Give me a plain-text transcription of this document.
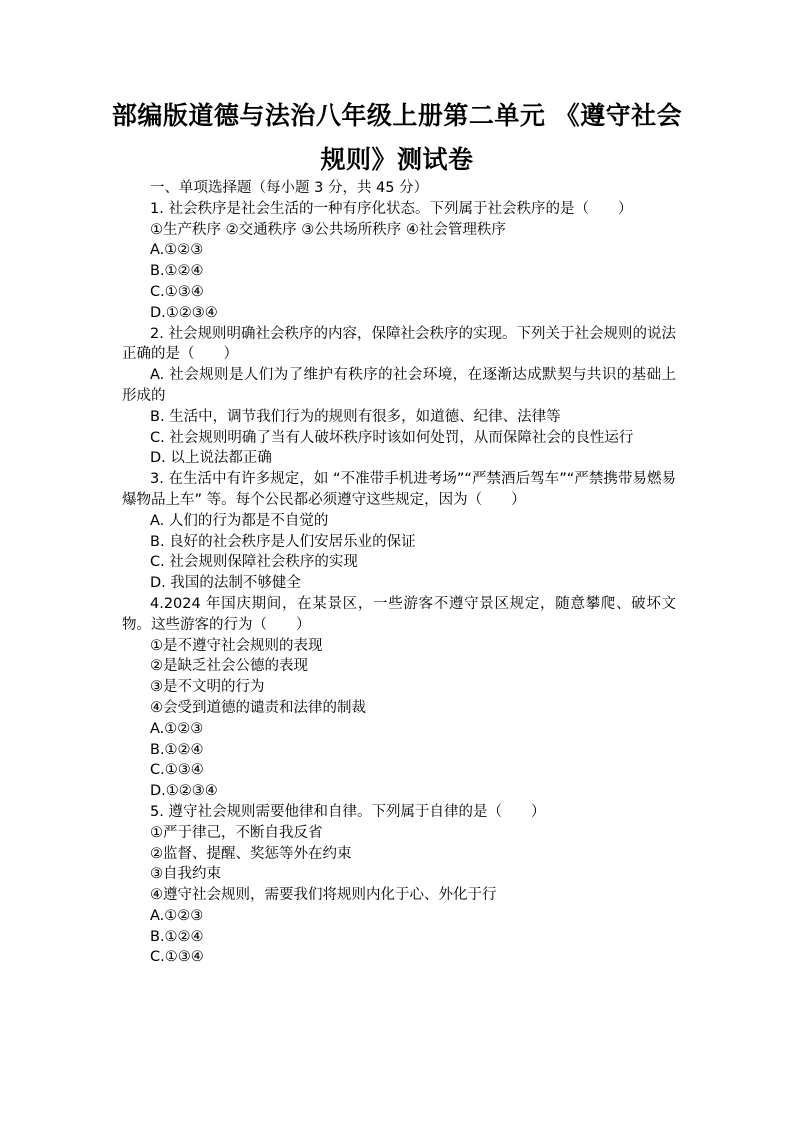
部编版道德与法治八年级上册第二单元 《遵守社会
规则》测试卷

一、单项选择题（每小题 3 分，共 45 分）

1. 社会秩序是社会生活的一种有序化状态。下列属于社会秩序的是（　　）

①生产秩序 ②交通秩序 ③公共场所秩序 ④社会管理秩序

A.①②③

B.①②④

C.①③④

D.①②③④

2. 社会规则明确社会秩序的内容，保障社会秩序的实现。下列关于社会规则的说法正确的是（　　）

A. 社会规则是人们为了维护有秩序的社会环境，在逐渐达成默契与共识的基础上形成的

B. 生活中，调节我们行为的规则有很多，如道德、纪律、法律等

C. 社会规则明确了当有人破坏秩序时该如何处罚，从而保障社会的良性运行

D. 以上说法都正确

3. 在生活中有许多规定，如 “不准带手机进考场”“严禁酒后驾车”“严禁携带易燃易爆物品上车” 等。每个公民都必须遵守这些规定，因为（　　）

A. 人们的行为都是不自觉的

B. 良好的社会秩序是人们安居乐业的保证

C. 社会规则保障社会秩序的实现

D. 我国的法制不够健全

4.2024 年国庆期间，在某景区，一些游客不遵守景区规定，随意攀爬、破坏文物。这些游客的行为（　　）

①是不遵守社会规则的表现

②是缺乏社会公德的表现

③是不文明的行为

④会受到道德的谴责和法律的制裁

A.①②③

B.①②④

C.①③④

D.①②③④

5. 遵守社会规则需要他律和自律。下列属于自律的是（　　）

①严于律己，不断自我反省

②监督、提醒、奖惩等外在约束

③自我约束

④遵守社会规则，需要我们将规则内化于心、外化于行

A.①②③

B.①②④

C.①③④
